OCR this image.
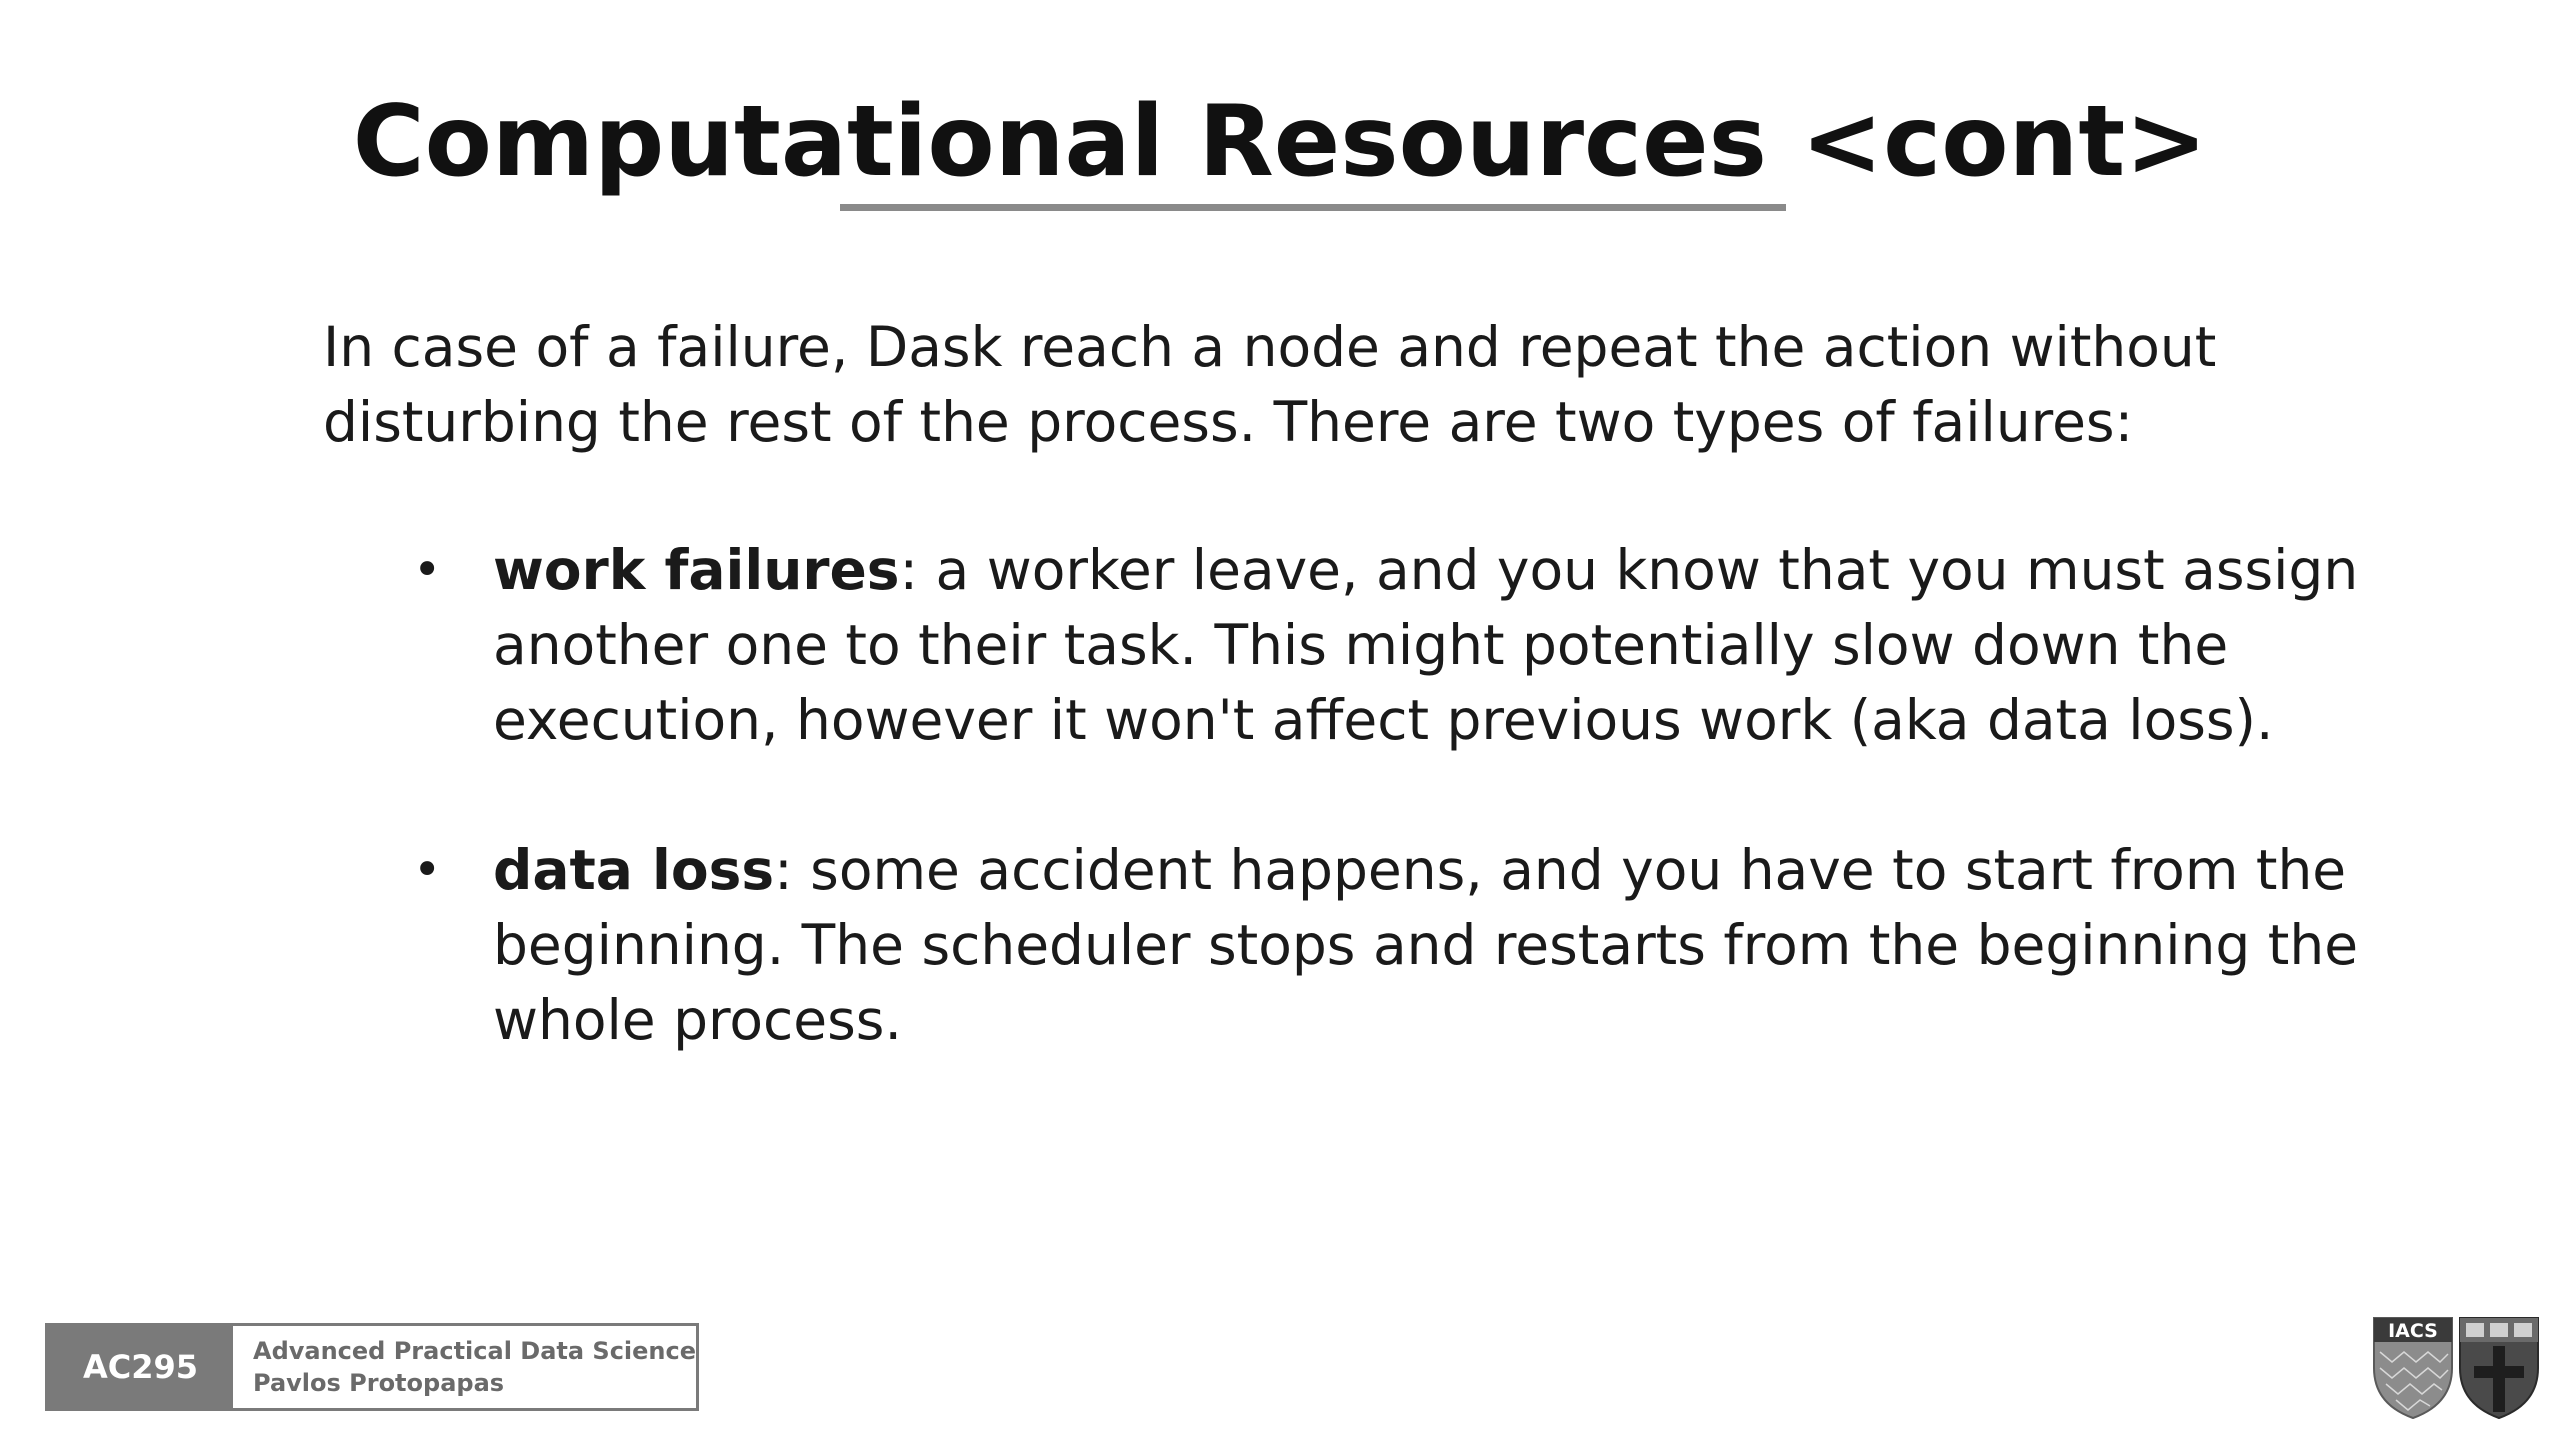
Computational Resources <cont>

In case of a failure, Dask reach a node and repeat the action without disturbing the rest of the process. There are two types of failures:

• work failures: a worker leave, and you know that you must assign another one to their task. This might potentially slow down the execution, however it won't affect previous work (aka data loss).
• data loss: some accident happens, and you have to start from the beginning. The scheduler stops and restarts from the beginning the whole process.
AC295	Advanced Practical Data Science
Pavlos Protopapas
IACS
